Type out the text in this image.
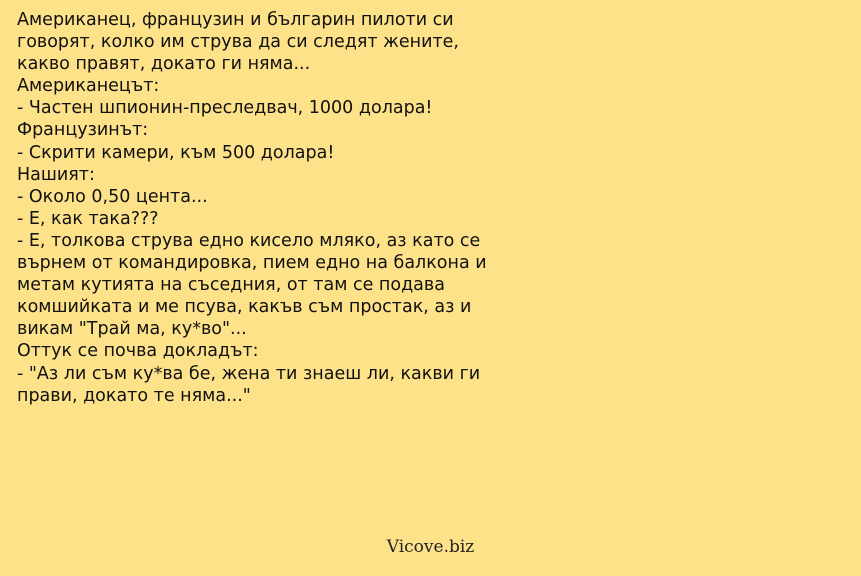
Американец, французин и българин пилоти си
говорят, колко им струва да си следят жените,
какво правят, докато ги няма...
Американецът:
- Частен шпионин-преследвач, 1000 долара!
Французинът:
- Скрити камери, към 500 долара!
Нашият:
- Около 0,50 цента...
- Е, как така???
- Е, толкова струва едно кисело мляко, аз като се
върнем от командировка, пием едно на балкона и
метам кутията на съседния, от там се подава
комшийката и ме псува, какъв съм простак, аз и
викам "Трай ма, ку*во"...
Оттук се почва докладът:
- "Аз ли съм ку*ва бе, жена ти знаеш ли, какви ги
прави, докато те няма..."
Vicove.biz
